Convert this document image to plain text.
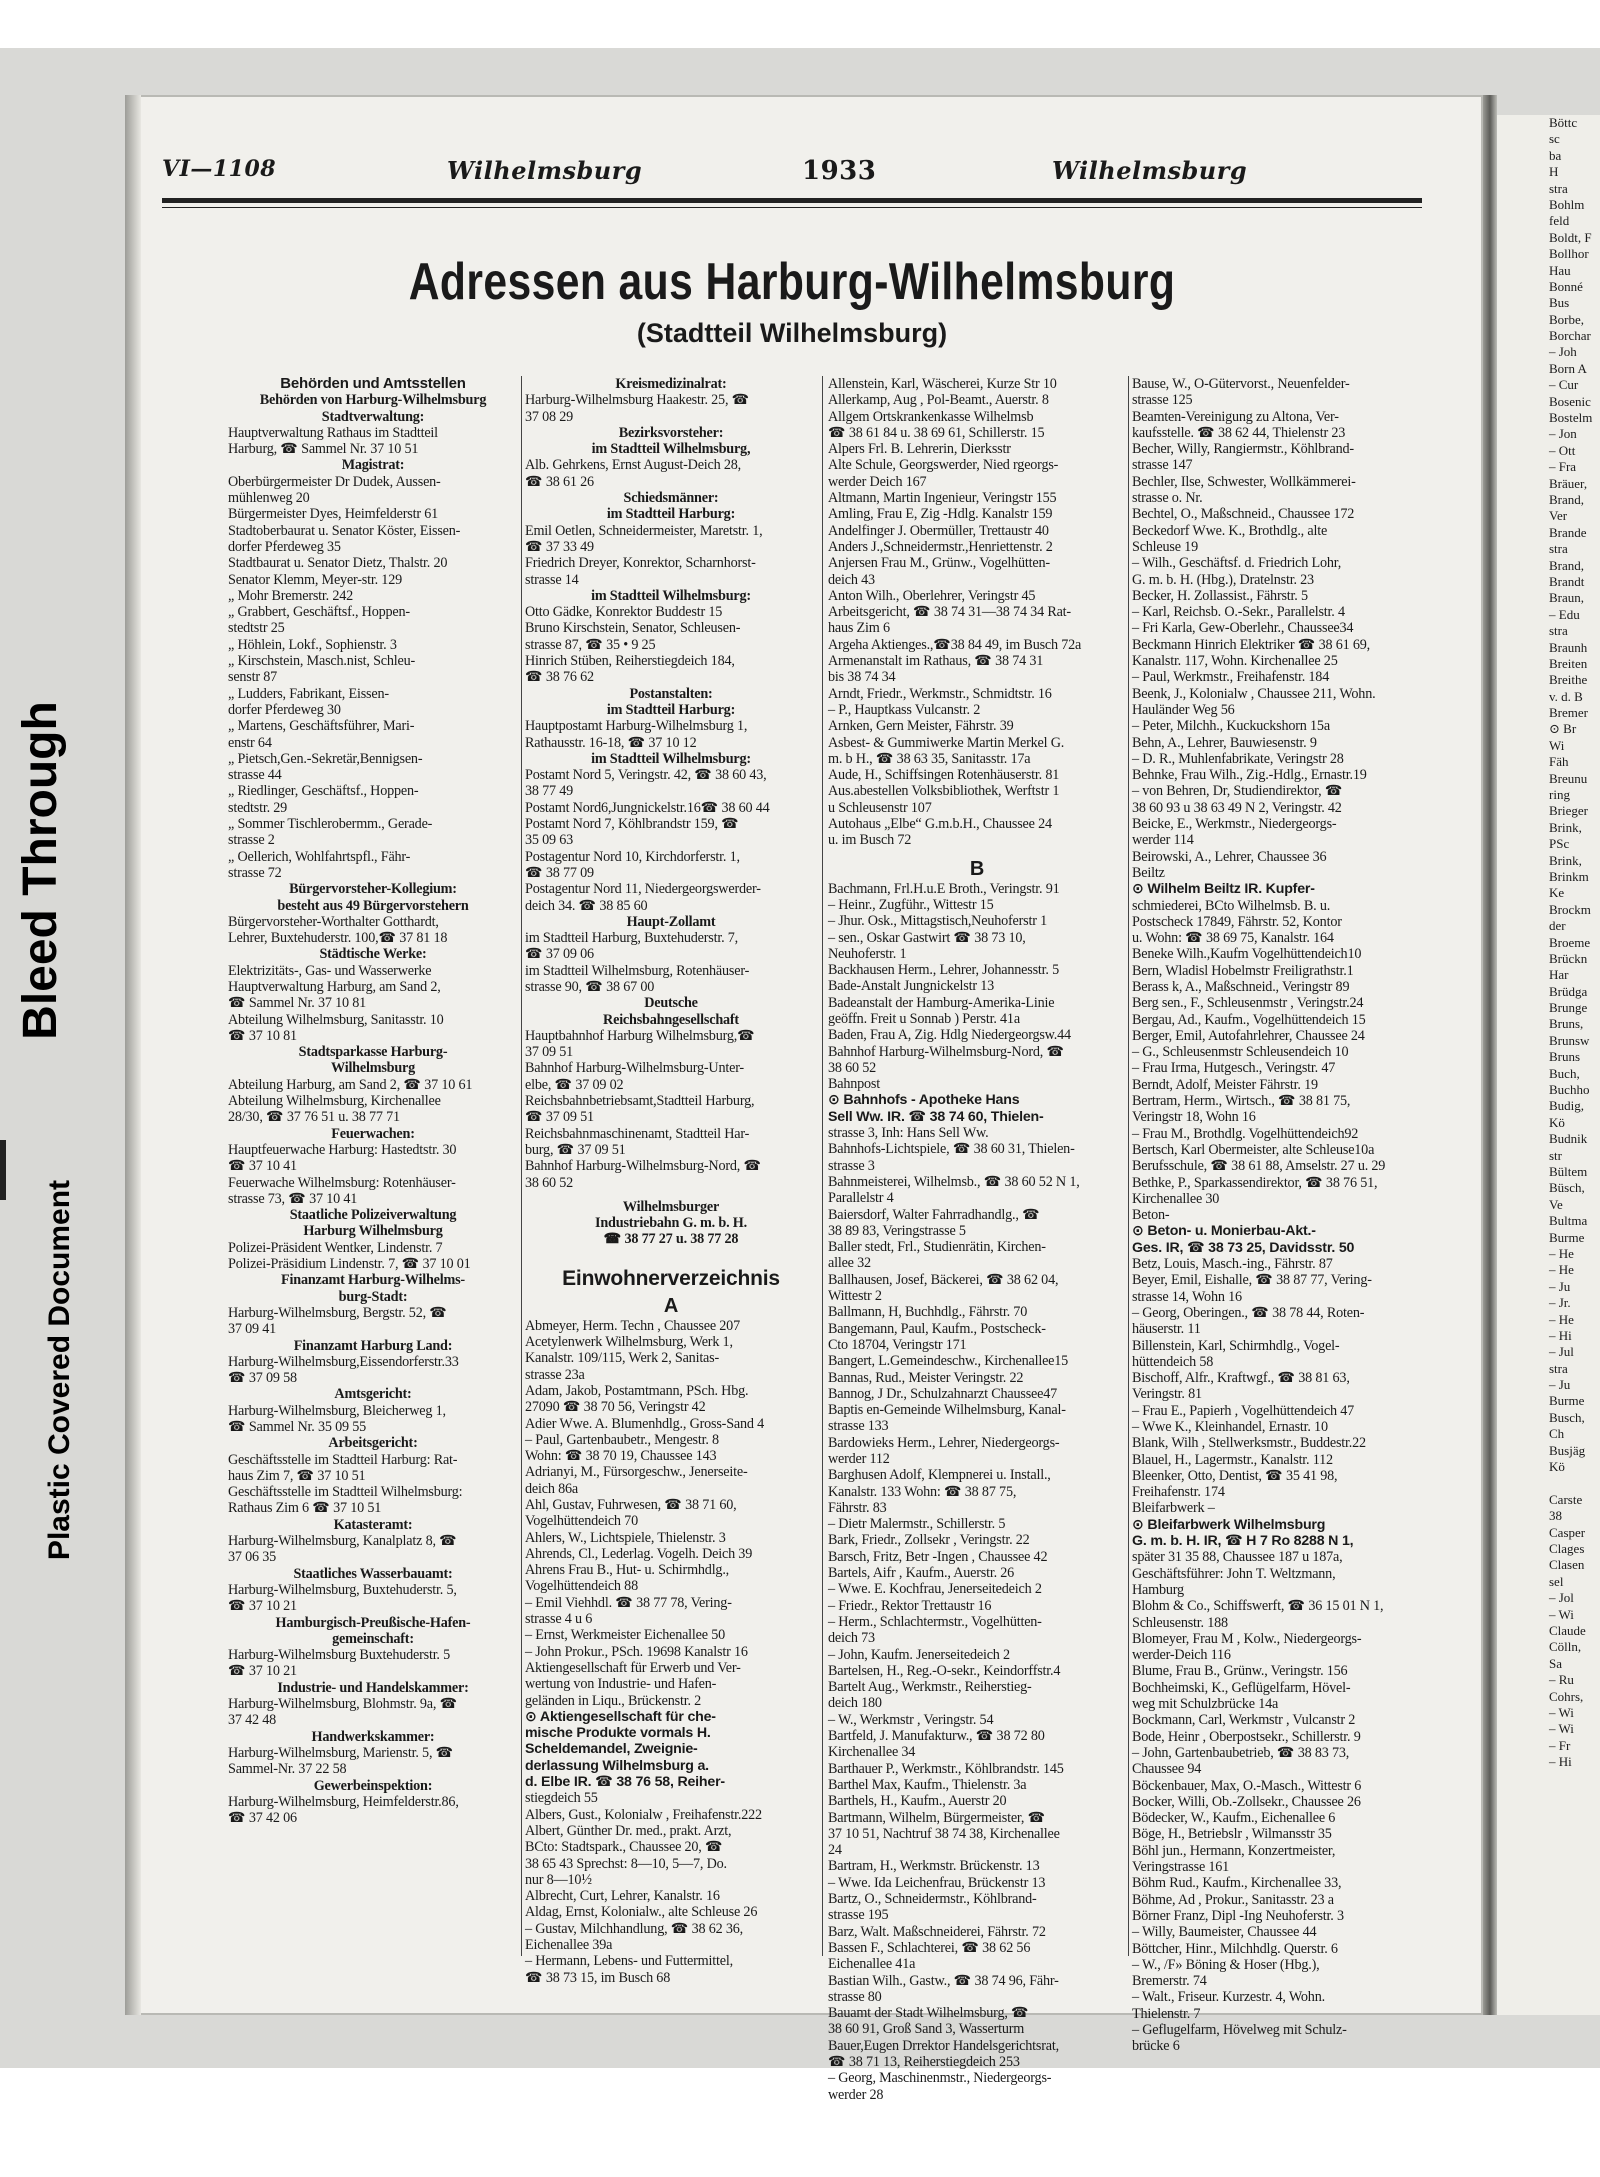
Böttc
sc
ba
H
stra
Bohlm
feld
Boldt, F
Bollhor
Hau
Bonné
Bus
Borbe,
Borchar
– Joh
Born A
– Cur
Bosenic
Bostelm
– Jon
– Ott
– Fra
Bräuer,
Brand,
Ver
Brande
stra
Brand,
Brandt
Braun,
– Edu
stra
Braunh
Breiten
Breithe
v. d. B
Bremer
⊙ Br
Wi
Fäh
Breunu
ring
Brieger
Brink,
PSc
Brink,
Brinkm
Ke
Brockm
der
Broeme
Brückn
Har
Brüdga
Brunge
Bruns,
Brunsw
Bruns
Buch,
Buchho
Budig,
Kö
Budnik
str
Bültem
Büsch,
Ve
Bultma
Burme
– He
– He
– Ju
– Jr.
– He
– Hi
– Jul
stra
– Ju
Burme
Busch,
Ch
Busjäg
Kö
Carste
38
Casper
Clages
Clasen
sel
– Jol
– Wi
Claude
Cölln,
Sa
– Ru
Cohrs,
– Wi
– Wi
– Fr
– Hi
Bleed Through
Plastic Covered Document
VI—1108	Wilhelmsburg	1933	Wilhelmsburg
Adressen aus Harburg-Wilhelmsburg
(Stadtteil Wilhelmsburg)
Behörden und Amtsstellen
Behörden von Harburg-Wilhelmsburg
Stadtverwaltung:
Hauptverwaltung Rathaus im Stadtteil
Harburg, ☎ Sammel Nr. 37 10 51
Magistrat:
Oberbürgermeister Dr Dudek, Aussen-
mühlenweg 20
Bürgermeister Dyes, Heimfelderstr 61
Stadtoberbaurat u. Senator Köster, Eissen-
dorfer Pferdeweg 35
Stadtbaurat u. Senator Dietz, Thalstr. 20
Senator Klemm, Meyer-str. 129
„ Mohr Bremerstr. 242
„ Grabbert, Geschäftsf., Hoppen-
stedtstr 25
„ Höhlein, Lokf., Sophienstr. 3
„ Kirschstein, Masch.nist, Schleu-
senstr 87
„ Ludders, Fabrikant, Eissen-
dorfer Pferdeweg 30
„ Martens, Geschäftsführer, Mari-
enstr 64
„ Pietsch,Gen.-Sekretär,Bennigsen-
strasse 44
„ Riedlinger, Geschäftsf., Hoppen-
stedtstr. 29
„ Sommer Tischlerobermm., Gerade-
strasse 2
„ Oellerich, Wohlfahrtspfl., Fähr-
strasse 72
Bürgervorsteher-Kollegium:
besteht aus 49 Bürgervorstehern
Bürgervorsteher-Worthalter Gotthardt,
Lehrer, Buxtehuderstr. 100,☎ 37 81 18
Städtische Werke:
Elektrizitäts-, Gas- und Wasserwerke
Hauptverwaltung Harburg, am Sand 2,
☎ Sammel Nr. 37 10 81
Abteilung Wilhelmsburg, Sanitasstr. 10
☎ 37 10 81
Stadtsparkasse Harburg-
Wilhelmsburg
Abteilung Harburg, am Sand 2, ☎ 37 10 61
Abteilung Wilhelmsburg, Kirchenallee
28/30, ☎ 37 76 51 u. 38 77 71
Feuerwachen:
Hauptfeuerwache Harburg: Hastedtstr. 30
☎ 37 10 41
Feuerwache Wilhelmsburg: Rotenhäuser-
strasse 73, ☎ 37 10 41
Staatliche Polizeiverwaltung
Harburg Wilhelmsburg
Polizei-Präsident Wentker, Lindenstr. 7
Polizei-Präsidium Lindenstr. 7, ☎ 37 10 01
Finanzamt Harburg-Wilhelms-
burg-Stadt:
Harburg-Wilhelmsburg, Bergstr. 52, ☎
37 09 41
Finanzamt Harburg Land:
Harburg-Wilhelmsburg,Eissendorferstr.33
☎ 37 09 58
Amtsgericht:
Harburg-Wilhelmsburg, Bleicherweg 1,
☎ Sammel Nr. 35 09 55
Arbeitsgericht:
Geschäftsstelle im Stadtteil Harburg: Rat-
haus Zim 7, ☎ 37 10 51
Geschäftsstelle im Stadtteil Wilhelmsburg:
Rathaus Zim 6 ☎ 37 10 51
Katasteramt:
Harburg-Wilhelmsburg, Kanalplatz 8, ☎
37 06 35
Staatliches Wasserbauamt:
Harburg-Wilhelmsburg, Buxtehuderstr. 5,
☎ 37 10 21
Hamburgisch-Preußische-Hafen-
gemeinschaft:
Harburg-Wilhelmsburg Buxtehuderstr. 5
☎ 37 10 21
Industrie- und Handelskammer:
Harburg-Wilhelmsburg, Blohmstr. 9a, ☎
37 42 48
Handwerkskammer:
Harburg-Wilhelmsburg, Marienstr. 5, ☎
Sammel-Nr. 37 22 58
Gewerbeinspektion:
Harburg-Wilhelmsburg, Heimfelderstr.86,
☎ 37 42 06
Kreismedizinalrat:
Harburg-Wilhelmsburg Haakestr. 25, ☎
37 08 29
Bezirksvorsteher:
im Stadtteil Wilhelmsburg,
Alb. Gehrkens, Ernst August-Deich 28,
☎ 38 61 26
Schiedsmänner:
im Stadtteil Harburg:
Emil Oetlen, Schneidermeister, Maretstr. 1,
☎ 37 33 49
Friedrich Dreyer, Konrektor, Scharnhorst-
strasse 14
im Stadtteil Wilhelmsburg:
Otto Gädke, Konrektor Buddestr 15
Bruno Kirschstein, Senator, Schleusen-
strasse 87, ☎ 35 • 9 25
Hinrich Stüben, Reiherstiegdeich 184,
☎ 38 76 62
Postanstalten:
im Stadtteil Harburg:
Hauptpostamt Harburg-Wilhelmsburg 1,
Rathausstr. 16-18, ☎ 37 10 12
im Stadtteil Wilhelmsburg:
Postamt Nord 5, Veringstr. 42, ☎ 38 60 43,
38 77 49
Postamt Nord6,Jungnickelstr.16☎ 38 60 44
Postamt Nord 7, Köhlbrandstr 159, ☎
35 09 63
Postagentur Nord 10, Kirchdorferstr. 1,
☎ 38 77 09
Postagentur Nord 11, Niedergeorgswerder-
deich 34. ☎ 38 85 60
Haupt-Zollamt
im Stadtteil Harburg, Buxtehuderstr. 7,
☎ 37 09 06
im Stadtteil Wilhelmsburg, Rotenhäuser-
strasse 90, ☎ 38 67 00
Deutsche
Reichsbahngesellschaft
Hauptbahnhof Harburg Wilhelmsburg,☎
37 09 51
Bahnhof Harburg-Wilhelmsburg-Unter-
elbe, ☎ 37 09 02
Reichsbahnbetriebsamt,Stadtteil Harburg,
☎ 37 09 51
Reichsbahnmaschinenamt, Stadtteil Har-
burg, ☎ 37 09 51
Bahnhof Harburg-Wilhelmsburg-Nord, ☎
38 60 52
Wilhelmsburger
Industriebahn G. m. b. H.
☎ 38 77 27 u. 38 77 28
Einwohnerverzeichnis
A
Abmeyer, Herm. Techn , Chaussee 207
Acetylenwerk Wilhelmsburg, Werk 1,
Kanalstr. 109/115, Werk 2, Sanitas-
strasse 23a
Adam, Jakob, Postamtmann, PSch. Hbg.
27090 ☎ 38 70 56, Veringstr 42
Adier Wwe. A. Blumenhdlg., Gross-Sand 4
– Paul, Gartenbaubetr., Mengestr. 8
Wohn: ☎ 38 70 19, Chaussee 143
Adrianyi, M., Fürsorgeschw., Jenerseite-
deich 86a
Ahl, Gustav, Fuhrwesen, ☎ 38 71 60,
Vogelhüttendeich 70
Ahlers, W., Lichtspiele, Thielenstr. 3
Ahrends, Cl., Lederlag. Vogelh. Deich 39
Ahrens Frau B., Hut- u. Schirmhdlg.,
Vogelhüttendeich 88
– Emil Viehhdl. ☎ 38 77 78, Vering-
strasse 4 u 6
– Ernst, Werkmeister Eichenallee 50
– John Prokur., PSch. 19698 Kanalstr 16
Aktiengesellschaft für Erwerb und Ver-
wertung von Industrie- und Hafen-
geländen in Liqu., Brückenstr. 2
⊙ Aktiengesellschaft für che-
mische Produkte vormals H.
Scheldemandel, Zweignie-
derlassung Wilhelmsburg a.
d. Elbe IR. ☎ 38 76 58, Reiher-
stiegdeich 55
Albers, Gust., Kolonialw , Freihafenstr.222
Albert, Günther Dr. med., prakt. Arzt,
BCto: Stadtspark., Chaussee 20, ☎
38 65 43 Sprechst: 8—10, 5—7, Do.
nur 8—10½
Albrecht, Curt, Lehrer, Kanalstr. 16
Aldag, Ernst, Kolonialw., alte Schleuse 26
– Gustav, Milchhandlung, ☎ 38 62 36,
Eichenallee 39a
– Hermann, Lebens- und Futtermittel,
☎ 38 73 15, im Busch 68
Allenstein, Karl, Wäscherei, Kurze Str 10
Allerkamp, Aug , Pol-Beamt., Auerstr. 8
Allgem Ortskrankenkasse Wilhelmsb
☎ 38 61 84 u. 38 69 61, Schillerstr. 15
Alpers Frl. B. Lehrerin, Dierksstr
Alte Schule, Georgswerder, Nied rgeorgs-
werder Deich 167
Altmann, Martin Ingenieur, Veringstr 155
Amling, Frau E, Zig -Hdlg. Kanalstr 159
Andelfinger J. Obermüller, Trettaustr 40
Anders J.,Schneidermstr.,Henriettenstr. 2
Anjersen Frau M., Grünw., Vogelhütten-
deich 43
Anton Wilh., Oberlehrer, Veringstr 45
Arbeitsgericht, ☎ 38 74 31—38 74 34 Rat-
haus Zim 6
Argeha Aktienges.,☎38 84 49, im Busch 72a
Armenanstalt im Rathaus, ☎ 38 74 31
bis 38 74 34
Arndt, Friedr., Werkmstr., Schmidtstr. 16
– P., Hauptkass Vulcanstr. 2
Arnken, Gern Meister, Fährstr. 39
Asbest- & Gummiwerke Martin Merkel G.
m. b H., ☎ 38 63 35, Sanitasstr. 17a
Aude, H., Schiffsingen Rotenhäuserstr. 81
Aus.abestellen Volksbibliothek, Werftstr 1
u Schleusenstr 107
Autohaus „Elbe“ G.m.b.H., Chaussee 24
u. im Busch 72
B
Bachmann, Frl.H.u.E Broth., Veringstr. 91
– Heinr., Zugführ., Wittestr 15
– Jhur. Osk., Mittagstisch,Neuhoferstr 1
– sen., Oskar Gastwirt ☎ 38 73 10,
Neuhoferstr. 1
Backhausen Herm., Lehrer, Johannesstr. 5
Bade-Anstalt Jungnickelstr 13
Badeanstalt der Hamburg-Amerika-Linie
geöffn. Freit u Sonnab ) Perstr. 41a
Baden, Frau A, Zig. Hdlg Niedergeorgsw.44
Bahnhof Harburg-Wilhelmsburg-Nord, ☎
38 60 52
Bahnpost
⊙ Bahnhofs - Apotheke Hans
Sell Ww. IR. ☎ 38 74 60, Thielen-
strasse 3, Inh: Hans Sell Ww.
Bahnhofs-Lichtspiele, ☎ 38 60 31, Thielen-
strasse 3
Bahnmeisterei, Wilhelmsb., ☎ 38 60 52 N 1,
Parallelstr 4
Baiersdorf, Walter Fahrradhandlg., ☎
38 89 83, Veringstrasse 5
Baller stedt, Frl., Studienrätin, Kirchen-
allee 32
Ballhausen, Josef, Bäckerei, ☎ 38 62 04,
Wittestr 2
Ballmann, H, Buchhdlg., Fährstr. 70
Bangemann, Paul, Kaufm., Postscheck-
Cto 18704, Veringstr 171
Bangert, L.Gemeindeschw., Kirchenallee15
Bannas, Rud., Meister Veringstr. 22
Bannog, J Dr., Schulzahnarzt Chaussee47
Baptis en-Gemeinde Wilhelmsburg, Kanal-
strasse 133
Bardowieks Herm., Lehrer, Niedergeorgs-
werder 112
Barghusen Adolf, Klempnerei u. Install.,
Kanalstr. 133 Wohn: ☎ 38 87 75,
Fährstr. 83
– Dietr Malermstr., Schillerstr. 5
Bark, Friedr., Zollsekr , Veringstr. 22
Barsch, Fritz, Betr -Ingen , Chaussee 42
Bartels, Aifr , Kaufm., Auerstr. 26
– Wwe. E. Kochfrau, Jenerseitedeich 2
– Friedr., Rektor Trettaustr 16
– Herm., Schlachtermstr., Vogelhütten-
deich 73
– John, Kaufm. Jenerseitedeich 2
Bartelsen, H., Reg.-O-sekr., Keindorffstr.4
Bartelt Aug., Werkmstr., Reiherstieg-
deich 180
– W., Werkmstr , Veringstr. 54
Bartfeld, J. Manufakturw., ☎ 38 72 80
Kirchenallee 34
Barthauer P., Werkmstr., Köhlbrandstr. 145
Barthel Max, Kaufm., Thielenstr. 3a
Barthels, H., Kaufm., Auerstr 20
Bartmann, Wilhelm, Bürgermeister, ☎
37 10 51, Nachtruf 38 74 38, Kirchenallee
24
Bartram, H., Werkmstr. Brückenstr. 13
– Wwe. Ida Leichenfrau, Brückenstr 13
Bartz, O., Schneidermstr., Köhlbrand-
strasse 195
Barz, Walt. Maßschneiderei, Fährstr. 72
Bassen F., Schlachterei, ☎ 38 62 56
Eichenallee 41a
Bastian Wilh., Gastw., ☎ 38 74 96, Fähr-
strasse 80
Bauamt der Stadt Wilhelmsburg, ☎
38 60 91, Groß Sand 3, Wasserturm
Bauer,Eugen Drrektor Handelsgerichtsrat,
☎ 38 71 13, Reiherstiegdeich 253
– Georg, Maschinenmstr., Niedergeorgs-
werder 28
Bause, W., O-Gütervorst., Neuenfelder-
strasse 125
Beamten-Vereinigung zu Altona, Ver-
kaufsstelle. ☎ 38 62 44, Thielenstr 23
Becher, Willy, Rangiermstr., Köhlbrand-
strasse 147
Bechler, Ilse, Schwester, Wollkämmerei-
strasse o. Nr.
Bechtel, O., Maßschneid., Chaussee 172
Beckedorf Wwe. K., Brothdlg., alte
Schleuse 19
– Wilh., Geschäftsf. d. Friedrich Lohr,
G. m. b. H. (Hbg.), Dratelnstr. 23
Becker, H. Zollassist., Fährstr. 5
– Karl, Reichsb. O.-Sekr., Parallelstr. 4
– Fri Karla, Gew-Oberlehr., Chaussee34
Beckmann Hinrich Elektriker ☎ 38 61 69,
Kanalstr. 117, Wohn. Kirchenallee 25
– Paul, Werkmstr., Freihafenstr. 184
Beenk, J., Kolonialw , Chaussee 211, Wohn.
Hauländer Weg 56
– Peter, Milchh., Kuckuckshorn 15a
Behn, A., Lehrer, Bauwiesenstr. 9
– D. R., Muhlenfabrikate, Veringstr 28
Behnke, Frau Wilh., Zig.-Hdlg., Ernastr.19
– von Behren, Dr, Studiendirektor, ☎
38 60 93 u 38 63 49 N 2, Veringstr. 42
Beicke, E., Werkmstr., Niedergeorgs-
werder 114
Beirowski, A., Lehrer, Chaussee 36
Beiltz
⊙ Wilhelm Beiltz IR. Kupfer-
schmiederei, BCto Wilhelmsb. B. u.
Postscheck 17849, Fährstr. 52, Kontor
u. Wohn: ☎ 38 69 75, Kanalstr. 164
Beneke Wilh.,Kaufm Vogelhüttendeich10
Bern, Wladisl Hobelmstr Freiligrathstr.1
Berass k, A., Maßschneid., Veringstr 89
Berg sen., F., Schleusenmstr , Veringstr.24
Bergau, Ad., Kaufm., Vogelhüttendeich 15
Berger, Emil, Autofahrlehrer, Chaussee 24
– G., Schleusenmstr Schleusendeich 10
– Frau Irma, Hutgesch., Veringstr. 47
Berndt, Adolf, Meister Fährstr. 19
Bertram, Herm., Wirtsch., ☎ 38 81 75,
Veringstr 18, Wohn 16
– Frau M., Brothdlg. Vogelhüttendeich92
Bertsch, Karl Obermeister, alte Schleuse10a
Berufsschule, ☎ 38 61 88, Amselstr. 27 u. 29
Bethke, P., Sparkassendirektor, ☎ 38 76 51,
Kirchenallee 30
Beton-
⊙ Beton- u. Monierbau-Akt.-
Ges. IR, ☎ 38 73 25, Davidsstr. 50
Betz, Louis, Masch.-ing., Fährstr. 87
Beyer, Emil, Eishalle, ☎ 38 87 77, Vering-
strasse 14, Wohn 16
– Georg, Oberingen., ☎ 38 78 44, Roten-
häuserstr. 11
Billenstein, Karl, Schirmhdlg., Vogel-
hüttendeich 58
Bischoff, Alfr., Kraftwgf., ☎ 38 81 63,
Veringstr. 81
– Frau E., Papierh , Vogelhüttendeich 47
– Wwe K., Kleinhandel, Ernastr. 10
Blank, Wilh , Stellwerksmstr., Buddestr.22
Blauel, H., Lagermstr., Kanalstr. 112
Bleenker, Otto, Dentist, ☎ 35 41 98,
Freihafenstr. 174
Bleifarbwerk –
⊙ Bleifarbwerk Wilhelmsburg
G. m. b. H. IR, ☎ H 7 Ro 8288 N 1,
später 31 35 88, Chaussee 187 u 187a,
Geschäftsführer: John T. Weltzmann,
Hamburg
Blohm & Co., Schiffswerft, ☎ 36 15 01 N 1,
Schleusenstr. 188
Blomeyer, Frau M , Kolw., Niedergeorgs-
werder-Deich 116
Blume, Frau B., Grünw., Veringstr. 156
Bochheimski, K., Geflügelfarm, Hövel-
weg mit Schulzbrücke 14a
Bockmann, Carl, Werkmstr , Vulcanstr 2
Bode, Heinr , Oberpostsekr., Schillerstr. 9
– John, Gartenbaubetrieb, ☎ 38 83 73,
Chaussee 94
Böckenbauer, Max, O.-Masch., Wittestr 6
Bocker, Willi, Ob.-Zollsekr., Chaussee 26
Bödecker, W., Kaufm., Eichenallee 6
Böge, H., Betriebslr , Wilmansstr 35
Böhl jun., Hermann, Konzertmeister,
Veringstrasse 161
Böhm Rud., Kaufm., Kirchenallee 33,
Böhme, Ad , Prokur., Sanitasstr. 23 a
Börner Franz, Dipl -Ing Neuhoferstr. 3
– Willy, Baumeister, Chaussee 44
Böttcher, Hinr., Milchhdlg. Querstr. 6
– W., /F» Böning & Hoser (Hbg.),
Bremerstr. 74
– Walt., Friseur. Kurzestr. 4, Wohn.
Thielenstr. 7
– Geflugelfarm, Hövelweg mit Schulz-
brücke 6
